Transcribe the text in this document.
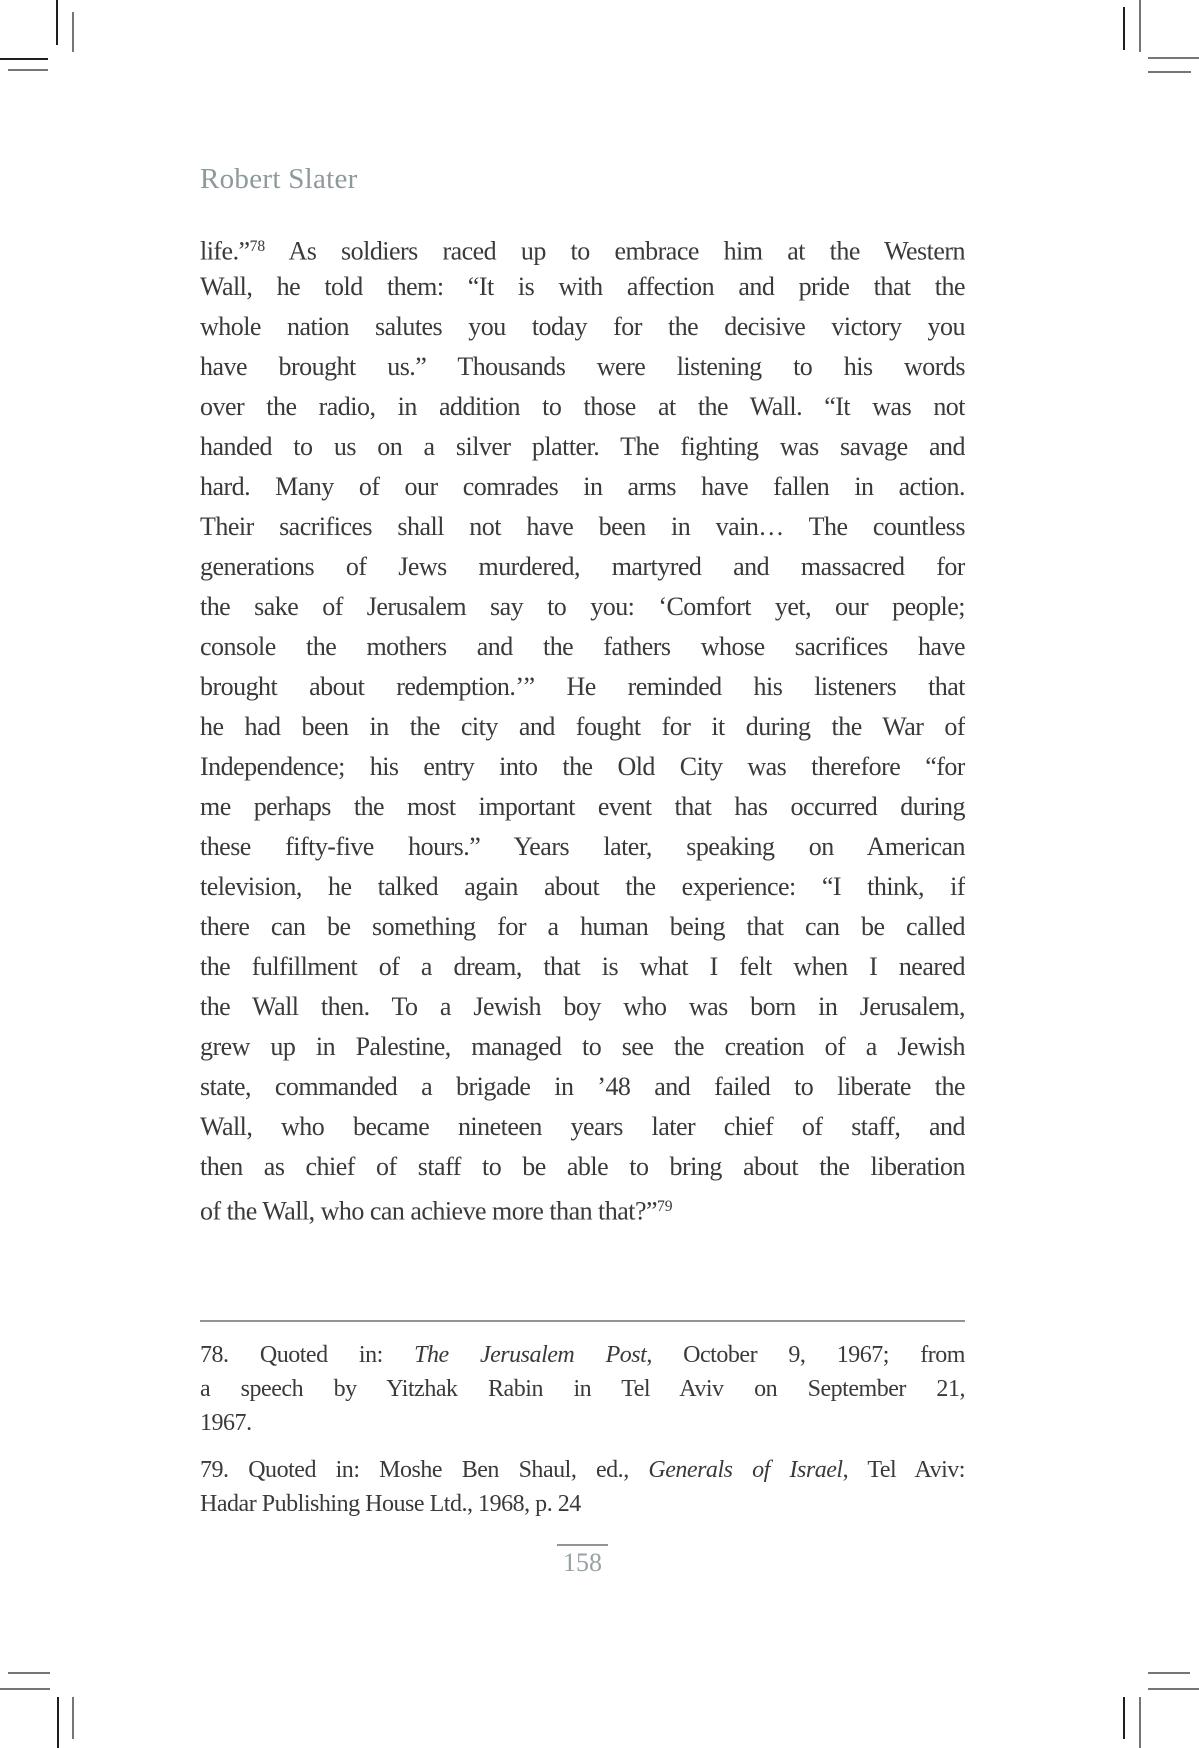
Robert Slater
life.”$^{78}$ As soldiers raced up to embrace him at the Western
Wall, he told them: “It is with affection and pride that the
whole nation salutes you today for the decisive victory you
have brought us.” Thousands were listening to his words
over the radio, in addition to those at the Wall. “It was not
handed to us on a silver platter. The fighting was savage and
hard. Many of our comrades in arms have fallen in action.
Their sacrifices shall not have been in vain… The countless
generations of Jews murdered, martyred and massacred for
the sake of Jerusalem say to you: ‘Comfort yet, our people;
console the mothers and the fathers whose sacrifices have
brought about redemption.’” He reminded his listeners that
he had been in the city and fought for it during the War of
Independence; his entry into the Old City was therefore “for
me perhaps the most important event that has occurred during
these fifty-five hours.” Years later, speaking on American
television, he talked again about the experience: “I think, if
there can be something for a human being that can be called
the fulfillment of a dream, that is what I felt when I neared
the Wall then. To a Jewish boy who was born in Jerusalem,
grew up in Palestine, managed to see the creation of a Jewish
state, commanded a brigade in ’48 and failed to liberate the
Wall, who became nineteen years later chief of staff, and
then as chief of staff to be able to bring about the liberation
of the Wall, who can achieve more than that?”$^{79}$
78. Quoted in: The Jerusalem Post, October 9, 1967; from
a speech by Yitzhak Rabin in Tel Aviv on September 21,
1967.
79. Quoted in: Moshe Ben Shaul, ed., Generals of Israel, Tel Aviv:
Hadar Publishing House Ltd., 1968, p. 24
158
